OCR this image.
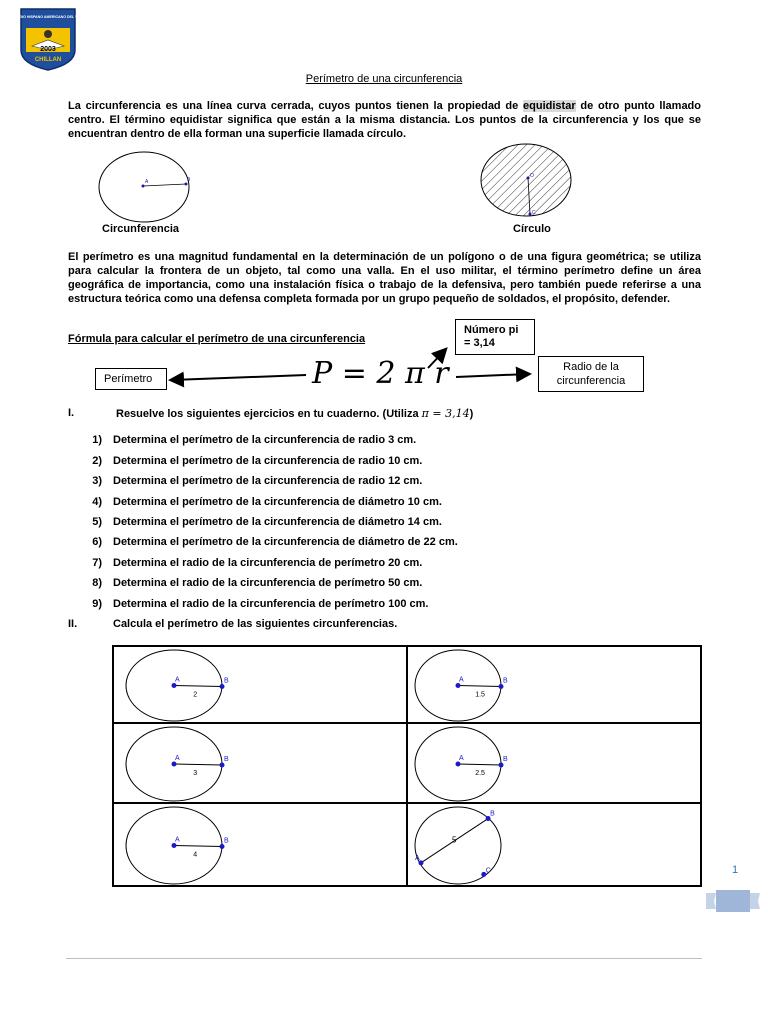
COLEGIO HISPANO AMERICANO DEL VALLE
2003
CHILLAN
Perímetro de una circunferencia
La circunferencia es una línea curva cerrada, cuyos puntos tienen la propiedad de equidistar de otro punto llamado centro. El término equidistar significa que están a la misma distancia. Los puntos de la circunferencia y los que se encuentran dentro de ella forman una superficie llamada círculo.
A	B
Circunferencia
O
C
Círculo
El perímetro es una magnitud fundamental en la determinación de un polígono o de una figura geométrica; se utiliza para calcular la frontera de un objeto, tal como una valla. En el uso militar, el término perímetro define un área geográfica de importancia, como una instalación física o trabajo de la defensiva, pero también puede referirse a una estructura teórica como una defensa completa formada por un grupo pequeño de soldados, el propósito, defender.
Fórmula para calcular el perímetro de una circunferencia
Número pi = 3,14
Radio de la circunferencia
Perímetro	P = 2 π r
I.	Resuelve los siguientes ejercicios en tu cuaderno. (Utiliza π = 3,14)
1) Determina el perímetro de la circunferencia de radio 3 cm.
2) Determina el perímetro de la circunferencia de radio 10 cm.
3) Determina el perímetro de la circunferencia de radio 12 cm.
4) Determina el perímetro de la circunferencia de diámetro 10 cm.
5) Determina el perímetro de la circunferencia de diámetro 14 cm.
6) Determina el perímetro de la circunferencia de diámetro de 22 cm.
7) Determina el radio de la circunferencia de perímetro 20 cm.
8) Determina el radio de la circunferencia de perímetro 50 cm.
9) Determina el radio de la circunferencia de perímetro 100 cm.
II.	Calcula el perímetro de las siguientes circunferencias.
A	B
2
A	B
1.5
A	B
3
A	B
2.5
A	B
4	A
B
C
5
1
